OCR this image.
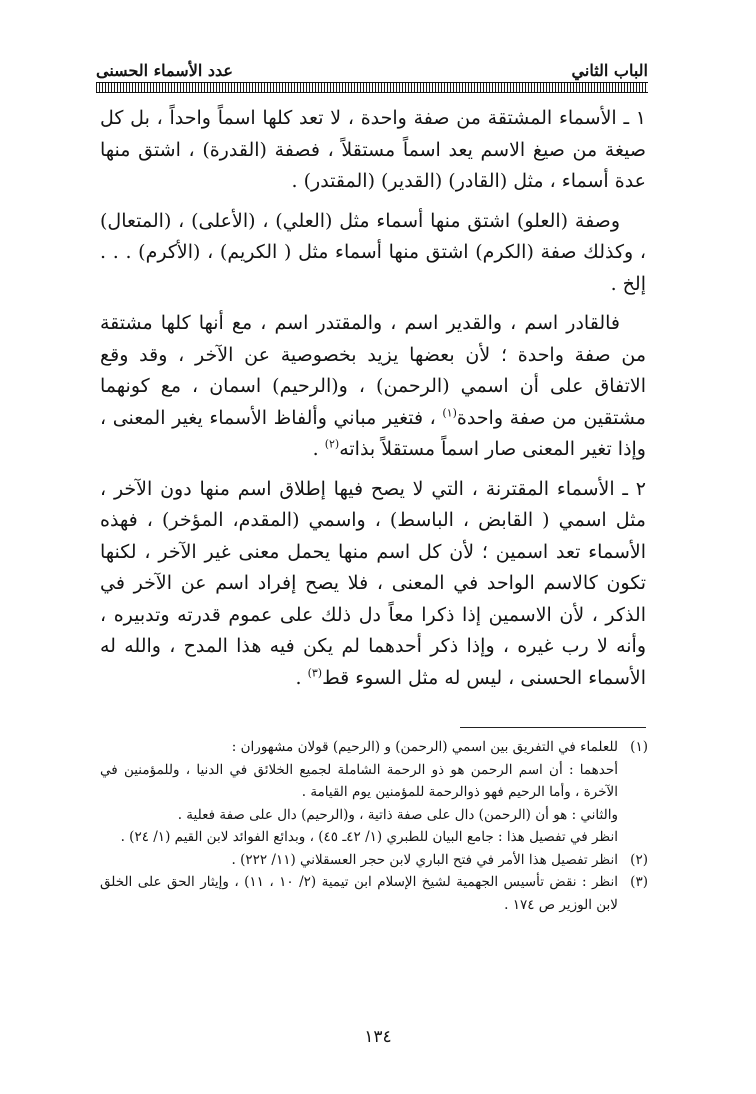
الباب الثاني
عدد الأسماء الحسنى

١ ـ الأسماء المشتقة من صفة واحدة ، لا تعد كلها اسماً واحداً ، بل كل صيغة من صيغ الاسم يعد اسماً مستقلاً ، فصفة (القدرة) ، اشتق منها عدة أسماء ، مثل (القادر) (القدير) (المقتدر) .

وصفة (العلو) اشتق منها أسماء مثل (العلي) ، (الأعلى) ، (المتعال) ، وكذلك صفة (الكرم) اشتق منها أسماء مثل ( الكريم) ، (الأكرم) . . . إلخ .

فالقادر اسم ، والقدير اسم ، والمقتدر اسم ، مع أنها كلها مشتقة من صفة واحدة ؛ لأن بعضها يزيد بخصوصية عن الآخر ، وقد وقع الاتفاق على أن اسمي (الرحمن) ، و(الرحيم) اسمان ، مع كونهما مشتقين من صفة واحدة$^{(١)}$ ، فتغير مباني وألفاظ الأسماء يغير المعنى ، وإذا تغير المعنى صار اسماً مستقلاً بذاته$^{(٢)}$ .

٢ ـ الأسماء المقترنة ، التي لا يصح فيها إطلاق اسم منها دون الآخر ، مثل اسمي ( القابض ، الباسط) ، واسمي (المقدم، المؤخر) ، فهذه الأسماء تعد اسمين ؛ لأن كل اسم منها يحمل معنى غير الآخر ، لكنها تكون كالاسم الواحد في المعنى ، فلا يصح إفراد اسم عن الآخر في الذكر ، لأن الاسمين إذا ذكرا معاً دل ذلك على عموم قدرته وتدبيره ، وأنه لا رب غيره ، وإذا ذكر أحدهما لم يكن فيه هذا المدح ، والله له الأسماء الحسنى ، ليس له مثل السوء قط$^{(٣)}$ .

(١)
للعلماء في التفريق بين اسمي (الرحمن) و (الرحيم) قولان مشهوران :
أحدهما : أن اسم الرحمن هو ذو الرحمة الشاملة لجميع الخلائق في الدنيا ، وللمؤمنين في الآخرة ، وأما الرحيم فهو ذوالرحمة للمؤمنين يوم القيامة .
والثاني : هو أن (الرحمن) دال على صفة ذاتية ، و(الرحيم) دال على صفة فعلية .
انظر في تفصيل هذا : جامع البيان للطبري (١/ ٤٢ـ ٤٥) ، وبدائع الفوائد لابن القيم (١/ ٢٤) .
(٢)
انظر تفصيل هذا الأمر في فتح الباري لابن حجر العسقلاني (١١/ ٢٢٢) .
(٣)
انظر : نقض تأسيس الجهمية لشيخ الإسلام ابن تيمية (٢/ ١٠ ، ١١) ، وإيثار الحق على الخلق لابن الوزير ص ١٧٤ .
١٣٤
